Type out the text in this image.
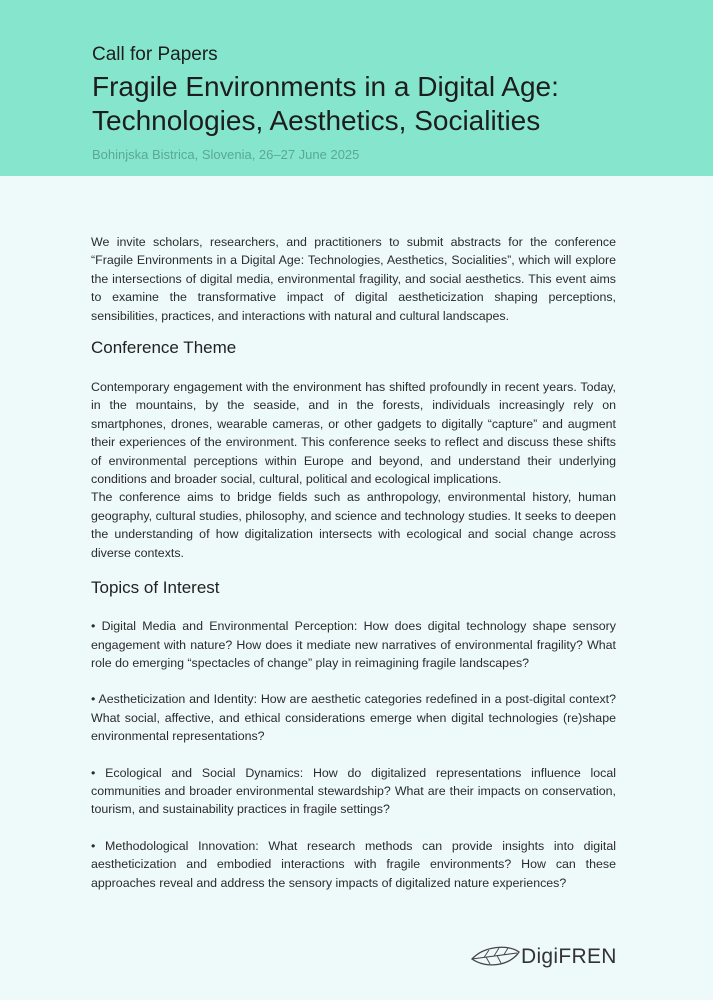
Call for Papers
Fragile Environments in a Digital Age: Technologies, Aesthetics, Socialities
Bohinjska Bistrica, Slovenia, 26–27 June 2025

We invite scholars, researchers, and practitioners to submit abstracts for the conference “Fragile Environments in a Digital Age: Technologies, Aesthetics, Socialities”, which will explore the intersections of digital media, environmental fragility, and social aesthetics. This event aims to examine the transformative impact of digital aestheticization shaping perceptions, sensibilities, practices, and interactions with natural and cultural landscapes.

Conference Theme

Contemporary engagement with the environment has shifted profoundly in recent years. Today, in the mountains, by the seaside, and in the forests, individuals increasingly rely on smartphones, drones, wearable cameras, or other gadgets to digitally “capture” and augment their experiences of the environment. This conference seeks to reflect and discuss these shifts of environmental perceptions within Europe and beyond, and understand their underlying conditions and broader social, cultural, political and ecological implications.

The conference aims to bridge fields such as anthropology, environmental history, human geography, cultural studies, philosophy, and science and technology studies. It seeks to deepen the understanding of how digitalization intersects with ecological and social change across diverse contexts.

Topics of Interest

• Digital Media and Environmental Perception: How does digital technology shape sensory engagement with nature? How does it mediate new narratives of environmental fragility? What role do emerging “spectacles of change” play in reimagining fragile landscapes?

• Aestheticization and Identity: How are aesthetic categories redefined in a post-digital context? What social, affective, and ethical considerations emerge when digital technologies (re)shape environmental representations?

• Ecological and Social Dynamics: How do digitalized representations influence local communities and broader environmental stewardship? What are their impacts on conservation, tourism, and sustainability practices in fragile settings?

• Methodological Innovation: What research methods can provide insights into digital aestheticization and embodied interactions with fragile environments? How can these approaches reveal and address the sensory impacts of digitalized nature experiences?

DigiFREN
